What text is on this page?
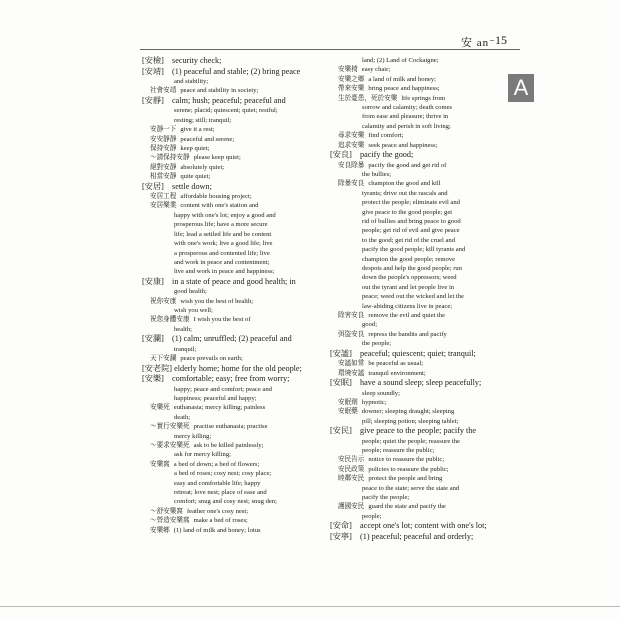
安 an⁻ 15
A
[安檢] security check;
[安靖] (1) peaceful and stable; (2) bring peace
and stability;
社會安靖 peace and stability in society;
[安靜] calm; hush; peaceful; peaceful and
serene; placid; quiescent; quiet; restful;
resting; still; tranquil;
安靜一下 give it a rest;
安安靜靜 peaceful and serene;
保持安靜 keep quiet;
～請保持安靜 please keep quiet;
絕對安靜 absolutely quiet;
相當安靜 quite quiet;
[安居] settle down;
安居工程 affordable housing project;
安居樂業 content with one's station and
happy with one's lot; enjoy a good and
prosperous life; have a more secure
life; lead a settled life and be content
with one's work; live a good life; live
a prosperous and contented life; live
and work in peace and contentment;
live and work in peace and happiness;
[安康] in a state of peace and good health; in
good health;
祝你安康 wish you the best of health;
wish you well;
祝您身體安康 I wish you the best of
health;
[安瀾] (1) calm; unruffled; (2) peaceful and
tranquil;
天下安瀾 peace prevails on earth;
[安老院] elderly home; home for the old people;
[安樂] comfortable; easy; free from worry;
happy; peace and comfort; peace and
happiness; peaceful and happy;
安樂死 euthanasia; mercy killing; painless
death;
～實行安樂死 practise euthanasia; practise
mercy killing;
～要求安樂死 ask to be killed painlessly;
ask for mercy killing;
安樂窩 a bed of down; a bed of flowers;
a bed of roses; cosy nest; cosy place;
easy and comfortable life; happy
retreat; love nest; place of ease and
comfort; snug and cosy nest; snug den;
～舒安樂窩 feather one's cosy nest;
～營造安樂窩 make a bed of roses;
安樂鄉 (1) land of milk and honey; lotus
land; (2) Land of Cockaigne;
安樂椅 easy chair;
安樂之鄉 a land of milk and honey;
帶來安樂 bring peace and happiness;
生於憂患，死於安樂 life springs from
sorrow and calamity; death comes
from ease and pleasure; thrive in
calamity and perish in soft living;
尋求安樂 find comfort;
追求安樂 seek peace and happiness;
[安良] pacify the good;
安良除暴 pacify the good and get rid of
the bullies;
除暴安良 champion the good and kill
tyrants; drive out the rascals and
protect the people; eliminate evil and
give peace to the good people; get
rid of bullies and bring peace to good
people; get rid of evil and give peace
to the good; get rid of the cruel and
pacify the good people; kill tyrants and
champion the good people; remove
despots and help the good people; run
down the people's oppressors; weed
out the tyrant and let people live in
peace; weed out the wicked and let the
law-abiding citizens live in peace;
除害安良 remove the evil and quiet the
good;
弭盜安良 repress the bandits and pacify
the people;
[安謐] peaceful; quiescent; quiet; tranquil;
安謐如常 be peaceful as usual;
環境安謐 tranquil environment;
[安眠] have a sound sleep; sleep peacefully;
sleep soundly;
安眠劑 hypnotic;
安眠藥 downer; sleeping draught; sleeping
pill; sleeping potion; sleeping tablet;
[安民] give peace to the people; pacify the
people; quiet the people; reassure the
people; reassure the public;
安民告示 notice to reassure the public;
安民政策 policies to reassure the public;
睦鄰安民 protect the people and bring
peace to the state; serve the state and
pacify the people;
護國安民 guard the state and pacify the
people;
[安命] accept one's lot; content with one's lot;
[安寧] (1) peaceful; peaceful and orderly;
